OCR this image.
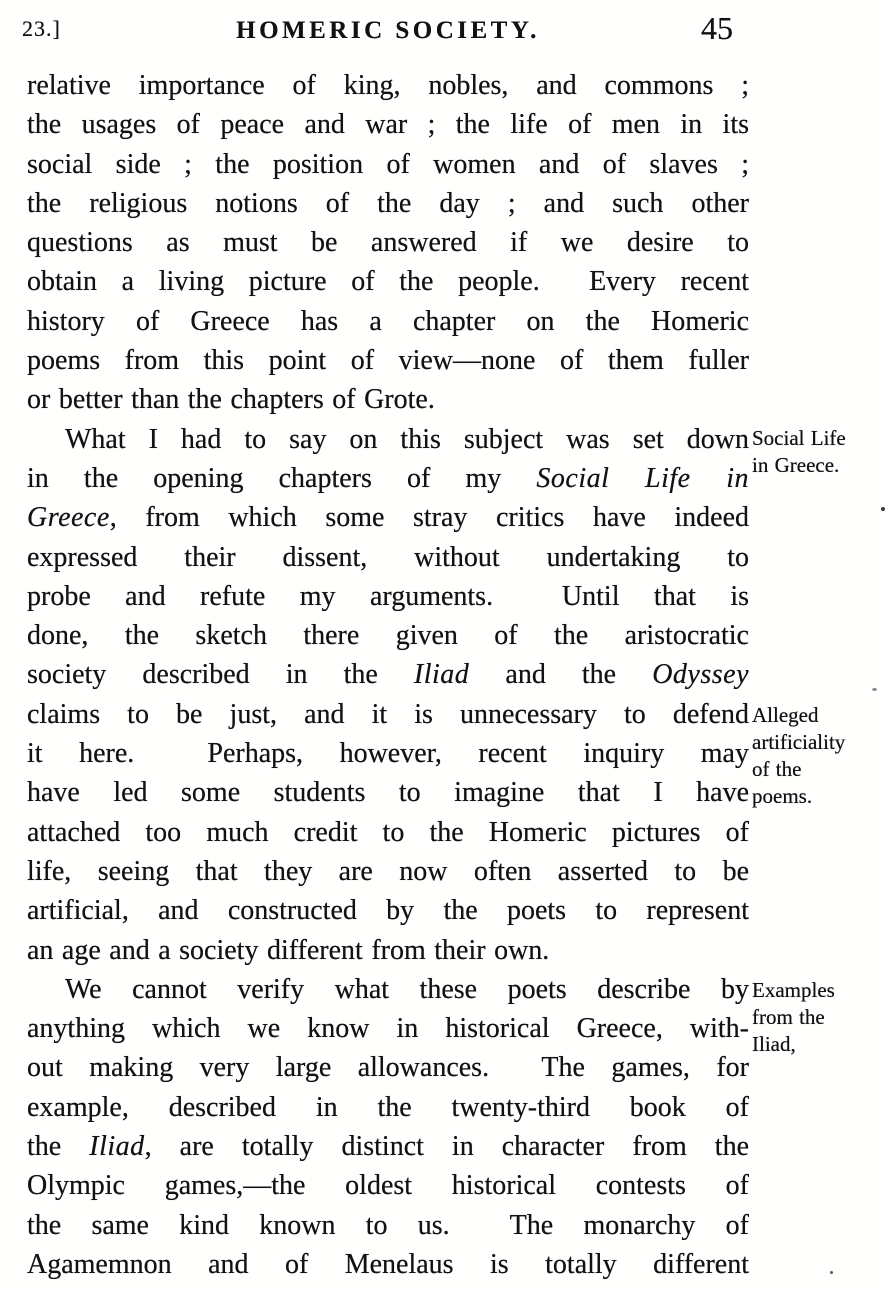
23.]	HOMERIC SOCIETY.	45
relative importance of king, nobles, and commons ;
the usages of peace and war ; the life of men in its
social side ; the position of women and of slaves ;
the religious notions of the day ; and such other
questions as must be answered if we desire to
obtain a living picture of the people.  Every recent
history of Greece has a chapter on the Homeric
poems from this point of view—none of them fuller
or better than the chapters of Grote.
What I had to say on this subject was set down
in the opening chapters of my Social Life in
Greece, from which some stray critics have indeed
expressed their dissent, without undertaking to
probe and refute my arguments.  Until that is
done, the sketch there given of the aristocratic
society described in the Iliad and the Odyssey
claims to be just, and it is unnecessary to defend
it here.  Perhaps, however, recent inquiry may
have led some students to imagine that I have
attached too much credit to the Homeric pictures of
life, seeing that they are now often asserted to be
artificial, and constructed by the poets to represent
an age and a society different from their own.
We cannot verify what these poets describe by
anything which we know in historical Greece, with-
out making very large allowances.  The games, for
example, described in the twenty-third book of
the Iliad, are totally distinct in character from the
Olympic games,—the oldest historical contests of
the same kind known to us.  The monarchy of
Agamemnon and of Menelaus is totally different
Social Life
in Greece.
Alleged
artificiality
of the
poems.
Examples
from the
Iliad,
